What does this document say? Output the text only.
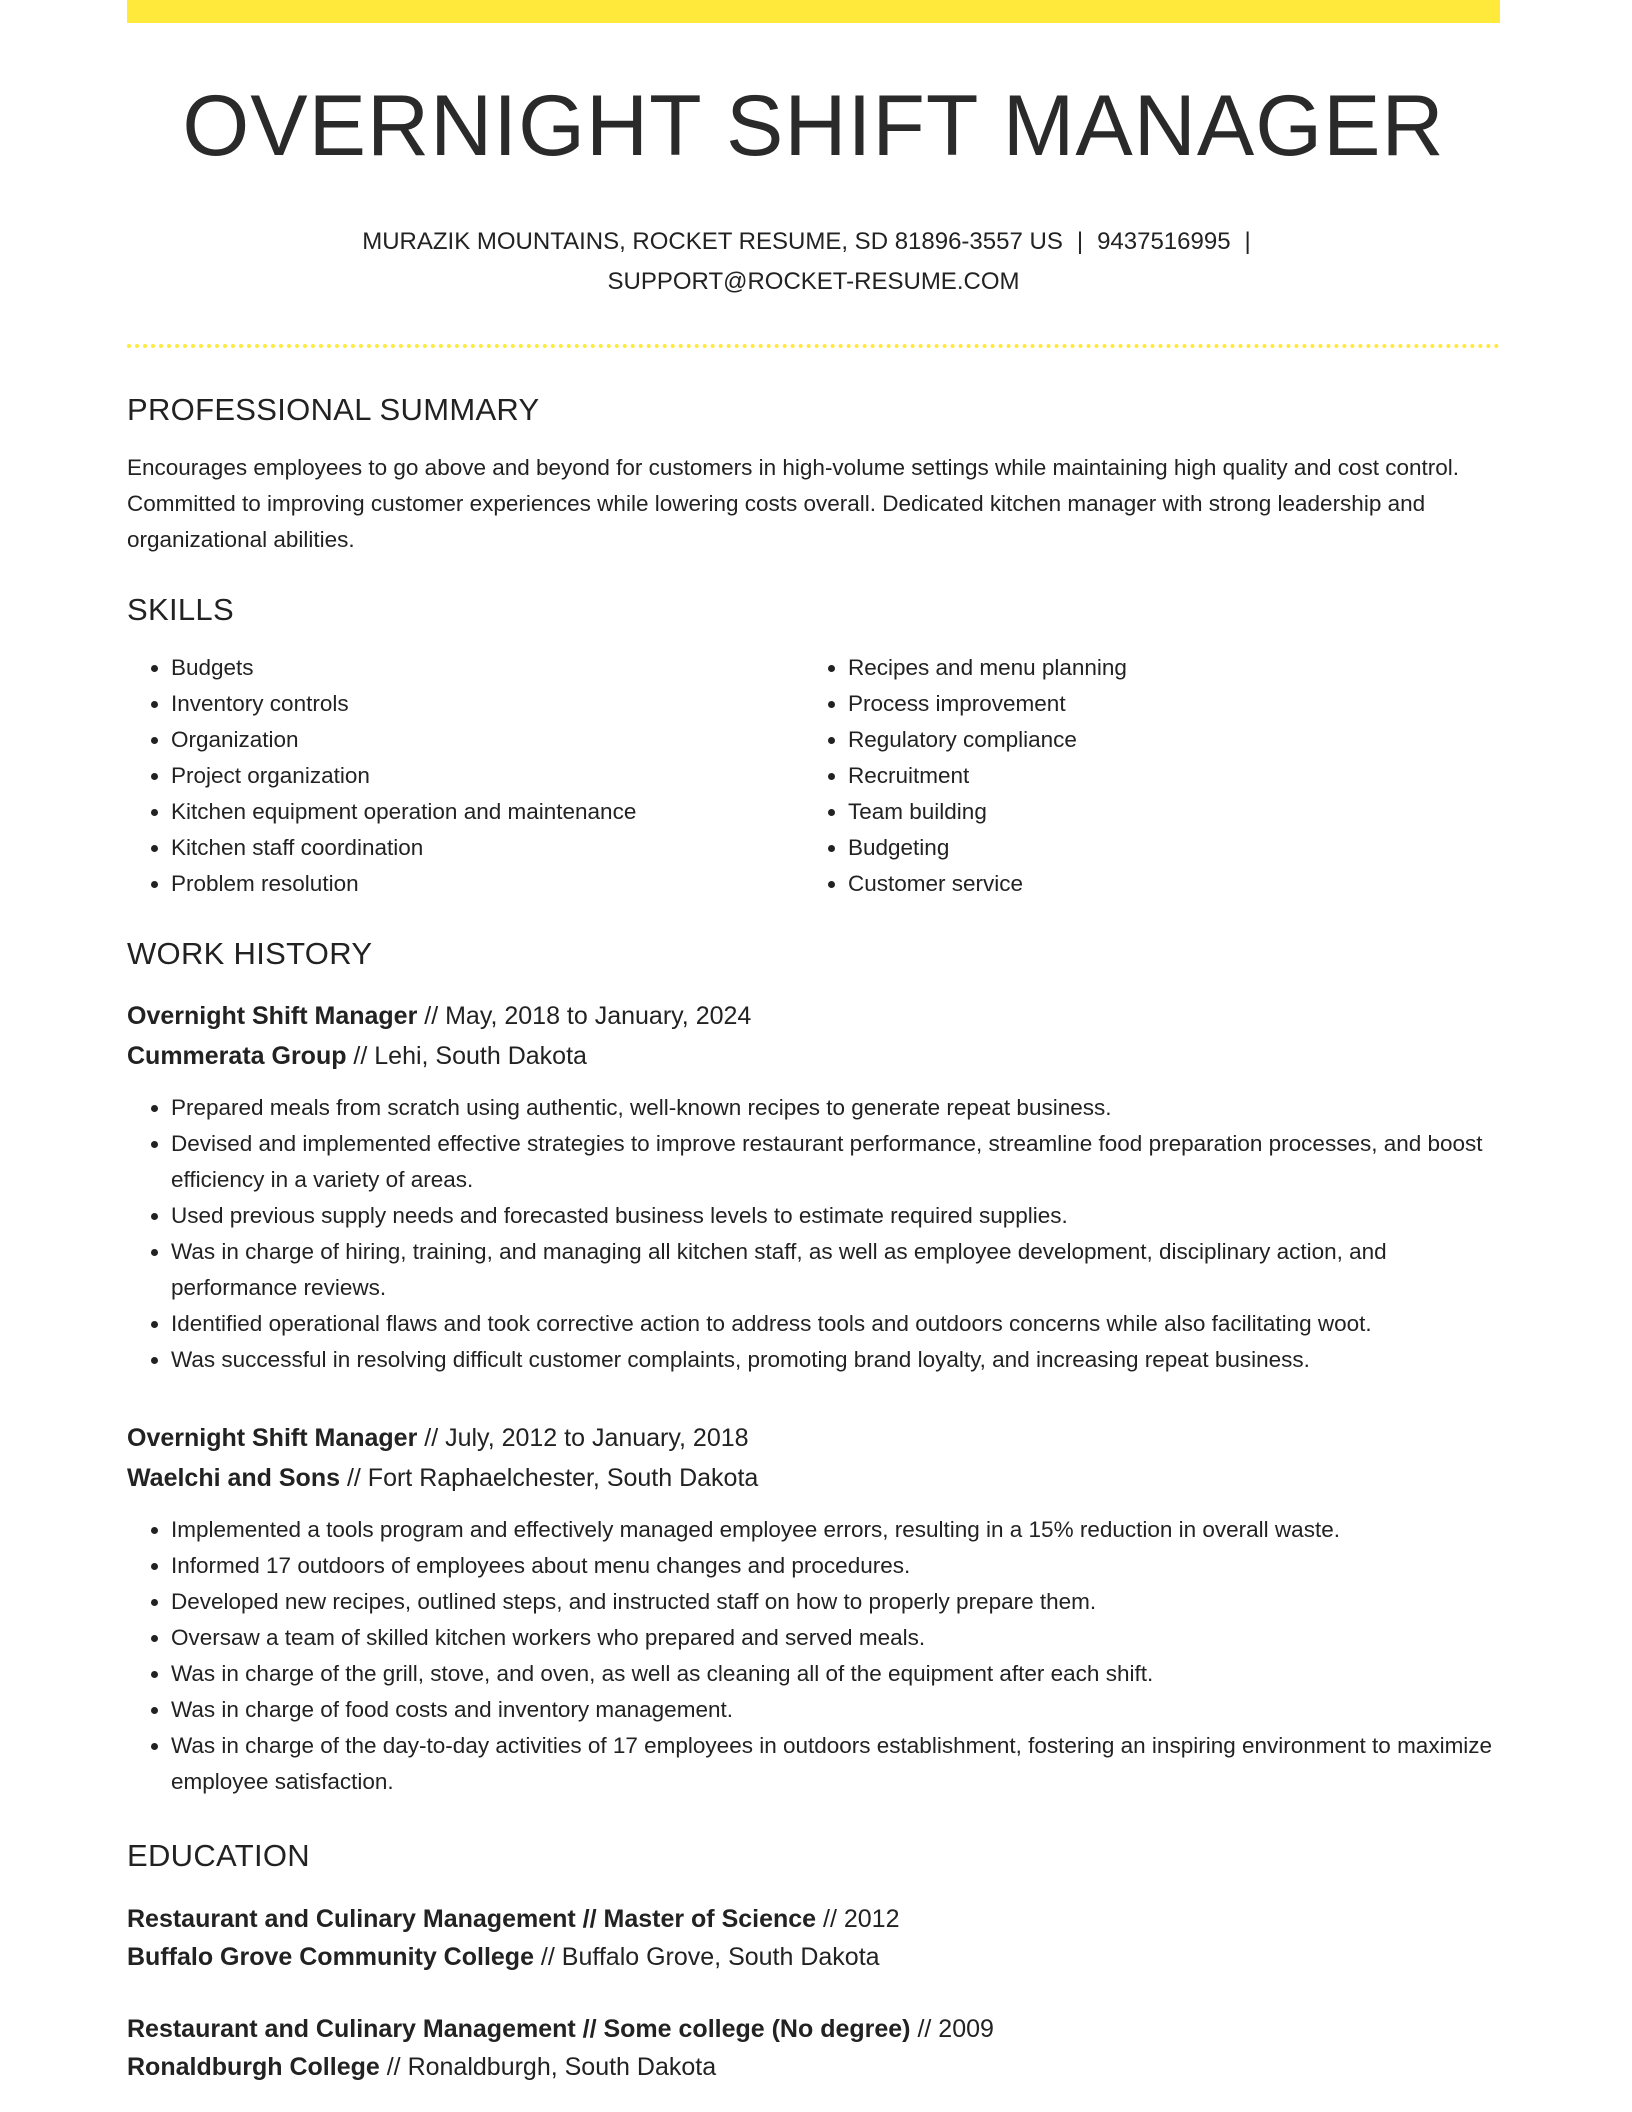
OVERNIGHT SHIFT MANAGER
MURAZIK MOUNTAINS, ROCKET RESUME, SD 81896-3557 US | 9437516995 |
SUPPORT@ROCKET-RESUME.COM
PROFESSIONAL SUMMARY
Encourages employees to go above and beyond for customers in high-volume settings while maintaining high quality and cost control. Committed to improving customer experiences while lowering costs overall. Dedicated kitchen manager with strong leadership and organizational abilities.
SKILLS
• Budgets
• Inventory controls
• Organization
• Project organization
• Kitchen equipment operation and maintenance
• Kitchen staff coordination
• Problem resolution
• Recipes and menu planning
• Process improvement
• Regulatory compliance
• Recruitment
• Team building
• Budgeting
• Customer service
WORK HISTORY
Overnight Shift Manager // May, 2018 to January, 2024
Cummerata Group // Lehi, South Dakota
• Prepared meals from scratch using authentic, well-known recipes to generate repeat business.
• Devised and implemented effective strategies to improve restaurant performance, streamline food preparation processes, and boost efficiency in a variety of areas.
• Used previous supply needs and forecasted business levels to estimate required supplies.
• Was in charge of hiring, training, and managing all kitchen staff, as well as employee development, disciplinary action, and performance reviews.
• Identified operational flaws and took corrective action to address tools and outdoors concerns while also facilitating woot.
• Was successful in resolving difficult customer complaints, promoting brand loyalty, and increasing repeat business.
Overnight Shift Manager // July, 2012 to January, 2018
Waelchi and Sons // Fort Raphaelchester, South Dakota
• Implemented a tools program and effectively managed employee errors, resulting in a 15% reduction in overall waste.
• Informed 17 outdoors of employees about menu changes and procedures.
• Developed new recipes, outlined steps, and instructed staff on how to properly prepare them.
• Oversaw a team of skilled kitchen workers who prepared and served meals.
• Was in charge of the grill, stove, and oven, as well as cleaning all of the equipment after each shift.
• Was in charge of food costs and inventory management.
• Was in charge of the day-to-day activities of 17 employees in outdoors establishment, fostering an inspiring environment to maximize employee satisfaction.
EDUCATION
Restaurant and Culinary Management // Master of Science // 2012
Buffalo Grove Community College // Buffalo Grove, South Dakota
Restaurant and Culinary Management // Some college (No degree) // 2009
Ronaldburgh College // Ronaldburgh, South Dakota
